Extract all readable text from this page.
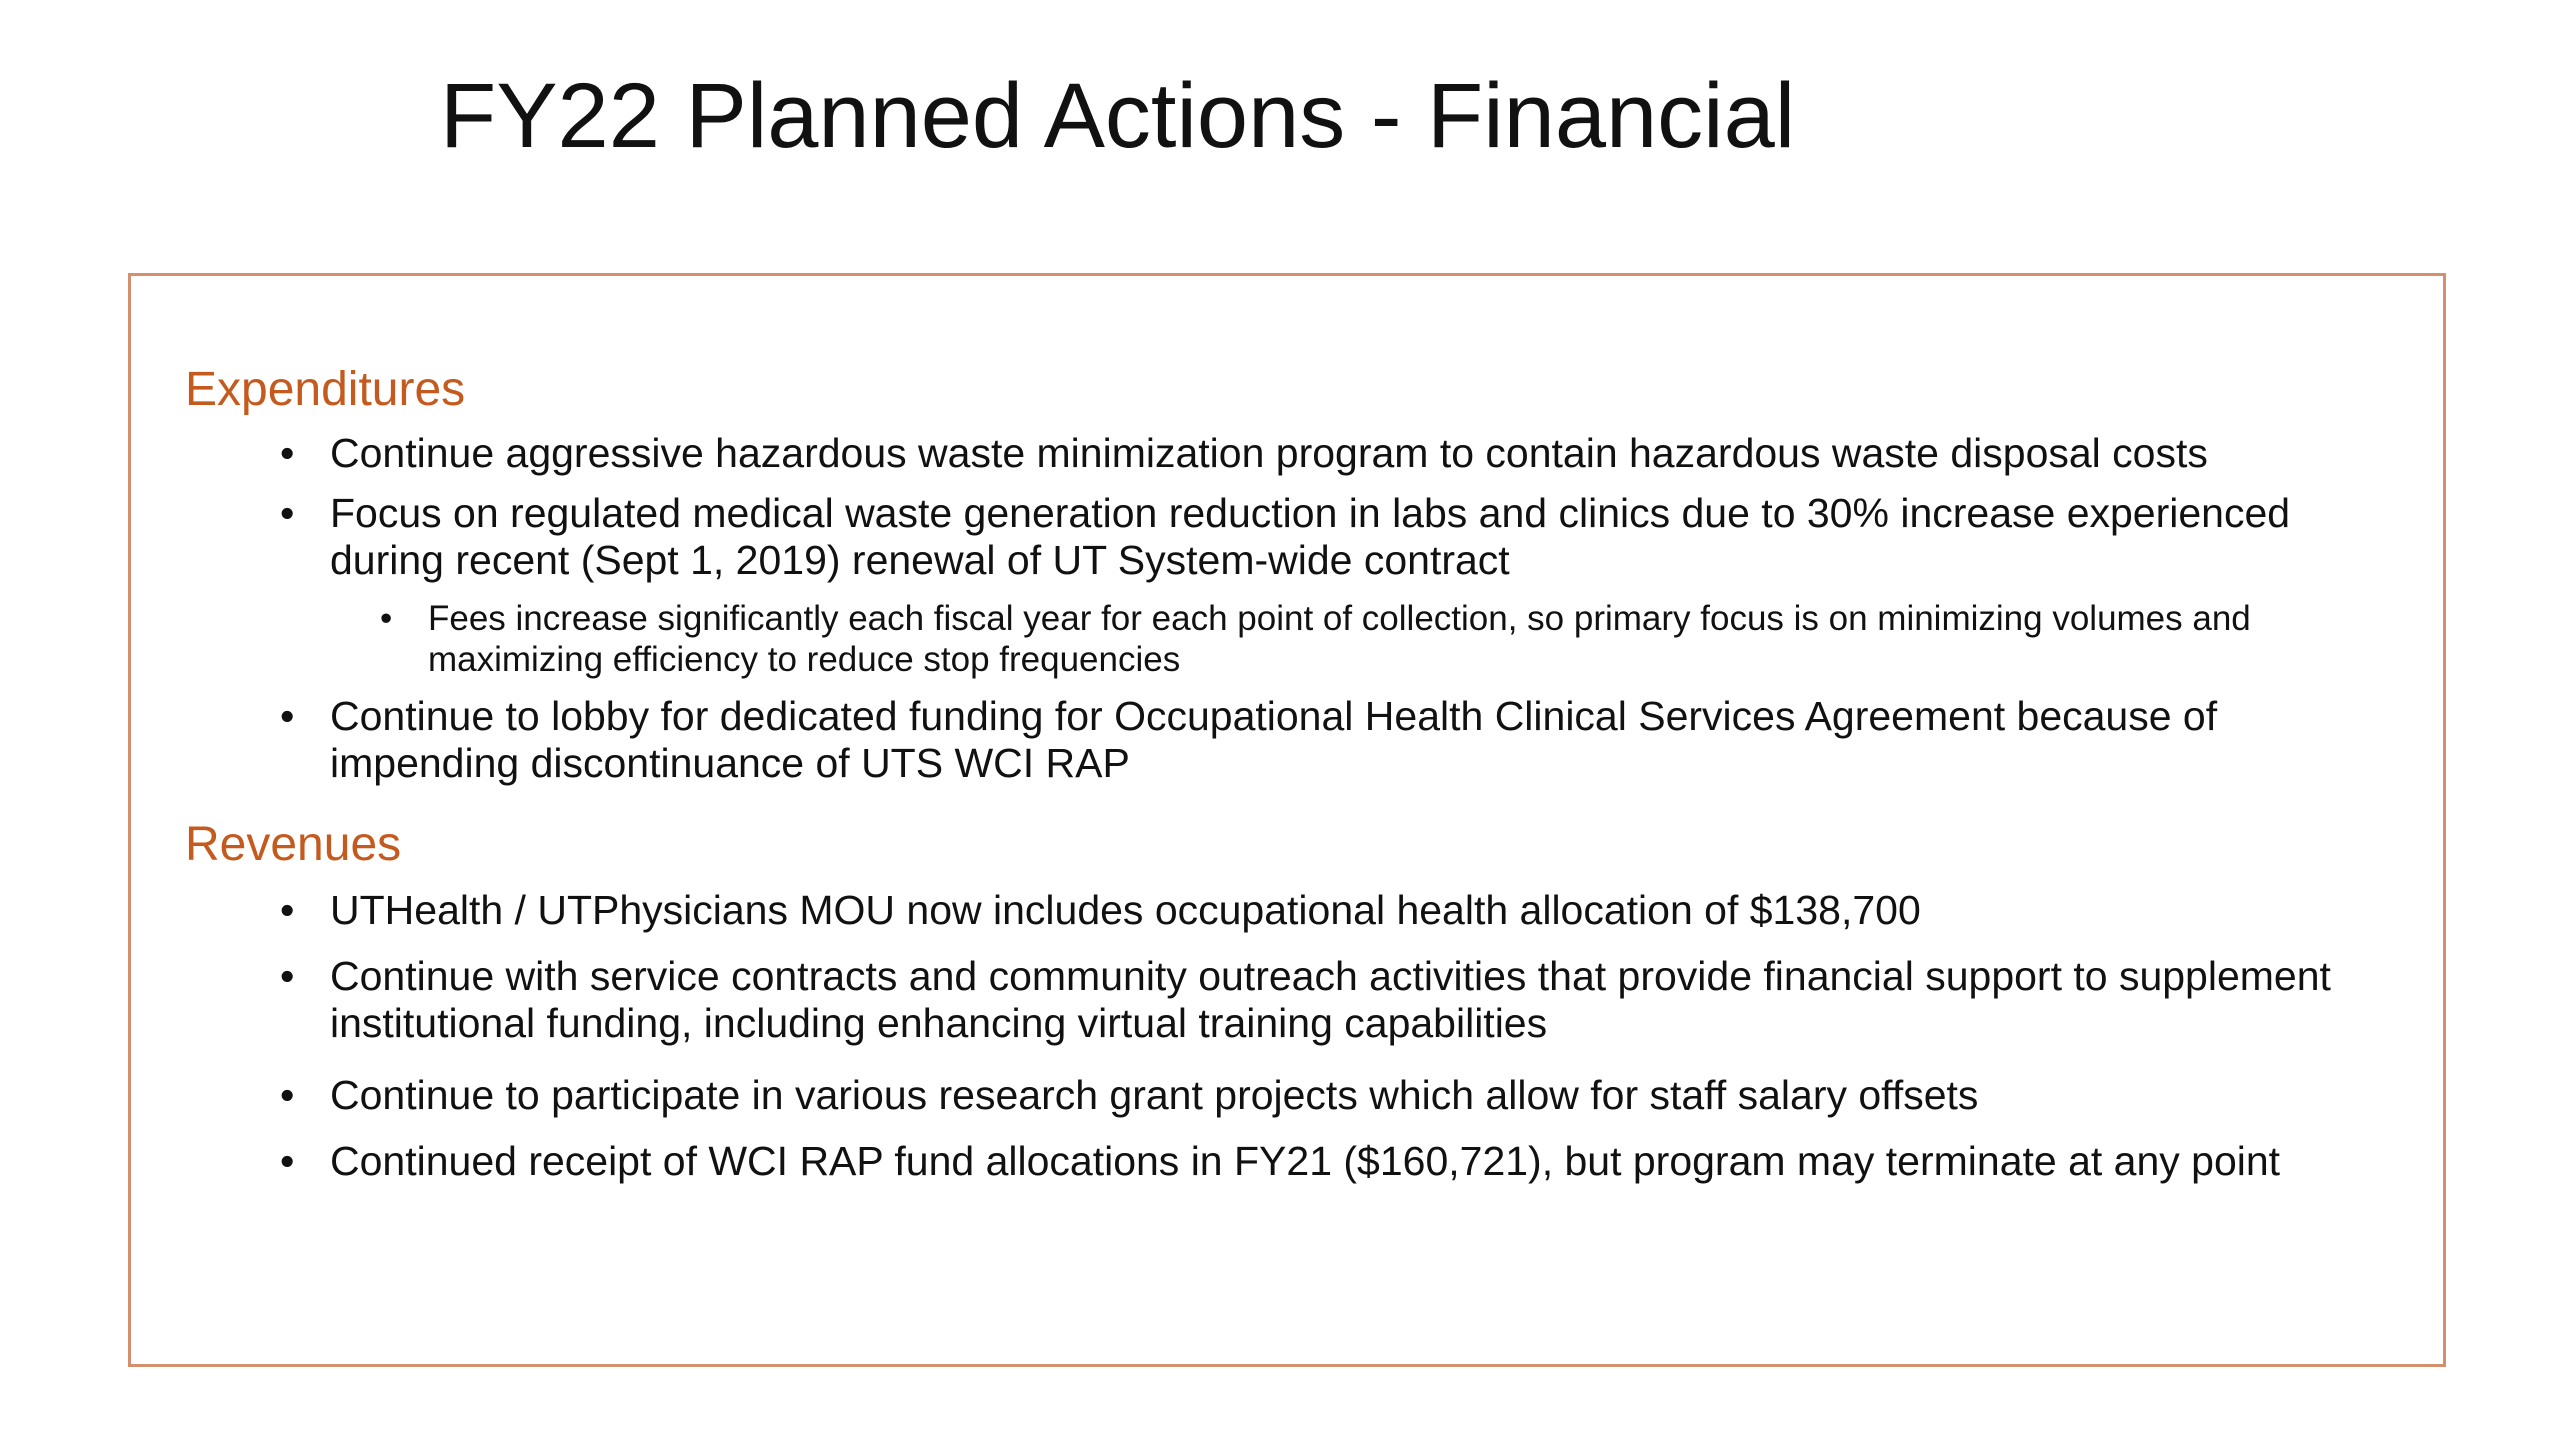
FY22 Planned Actions - Financial
Expenditures
• Continue aggressive hazardous waste minimization program to contain hazardous waste disposal costs
• Focus on regulated medical waste generation reduction in labs and clinics due to 30% increase experienced during recent (Sept 1, 2019) renewal of UT System-wide contract
• Fees increase significantly each fiscal year for each point of collection, so primary focus is on minimizing volumes and maximizing efficiency to reduce stop frequencies
• Continue to lobby for dedicated funding for Occupational Health Clinical Services Agreement because of impending discontinuance of UTS WCI RAP
Revenues
• UTHealth / UTPhysicians MOU now includes occupational health allocation of $138,700
• Continue with service contracts and community outreach activities that provide financial support to supplement institutional funding, including enhancing virtual training capabilities
• Continue to participate in various research grant projects which allow for staff salary offsets
• Continued receipt of WCI RAP fund allocations in FY21 ($160,721), but program may terminate at any point
